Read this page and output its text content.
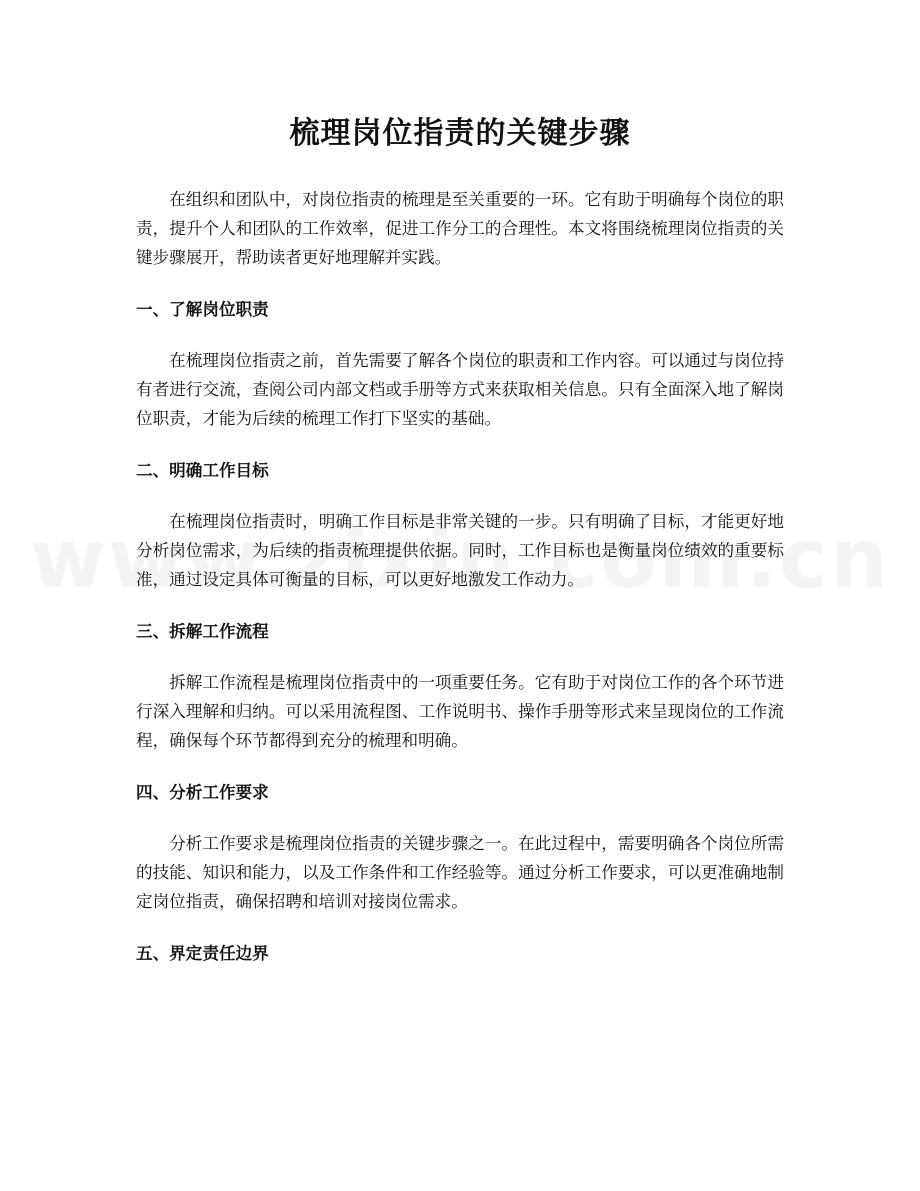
梳理岗位指责的关键步骤

在组织和团队中，对岗位指责的梳理是至关重要的一环。它有助于明确每个岗位的职责，提升个人和团队的工作效率，促进工作分工的合理性。本文将围绕梳理岗位指责的关键步骤展开，帮助读者更好地理解并实践。

一、了解岗位职责

在梳理岗位指责之前，首先需要了解各个岗位的职责和工作内容。可以通过与岗位持有者进行交流，查阅公司内部文档或手册等方式来获取相关信息。只有全面深入地了解岗位职责，才能为后续的梳理工作打下坚实的基础。

二、明确工作目标

在梳理岗位指责时，明确工作目标是非常关键的一步。只有明确了目标，才能更好地分析岗位需求，为后续的指责梳理提供依据。同时，工作目标也是衡量岗位绩效的重要标准，通过设定具体可衡量的目标，可以更好地激发工作动力。

三、拆解工作流程

拆解工作流程是梳理岗位指责中的一项重要任务。它有助于对岗位工作的各个环节进行深入理解和归纳。可以采用流程图、工作说明书、操作手册等形式来呈现岗位的工作流程，确保每个环节都得到充分的梳理和明确。

四、分析工作要求

分析工作要求是梳理岗位指责的关键步骤之一。在此过程中，需要明确各个岗位所需的技能、知识和能力，以及工作条件和工作经验等。通过分析工作要求，可以更准确地制定岗位指责，确保招聘和培训对接岗位需求。

五、界定责任边界
